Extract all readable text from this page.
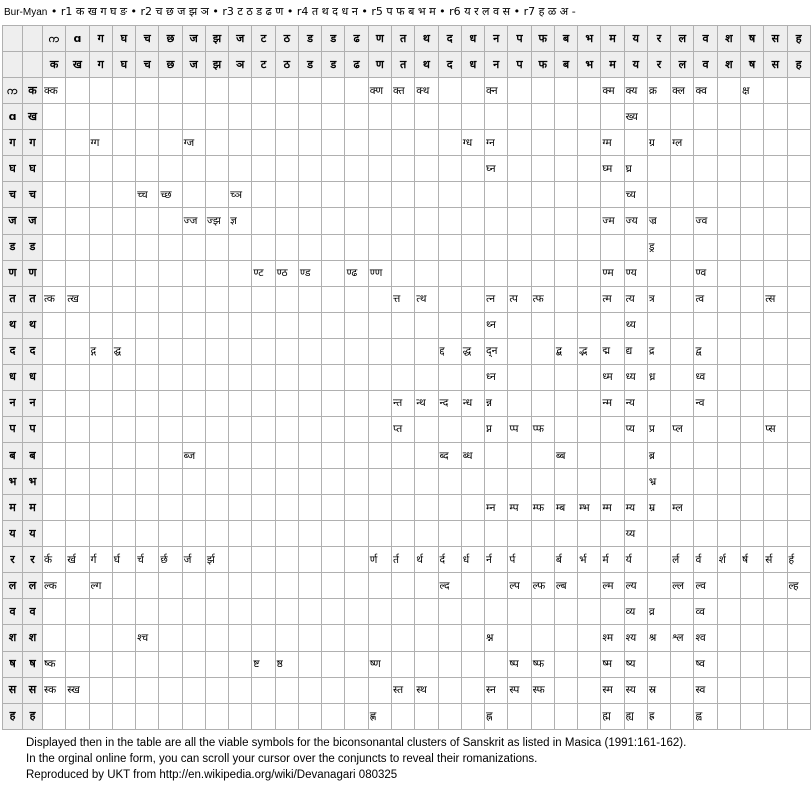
Bur-Myan • r1 क ख ग घ ङ • r2 च छ ज झ ञ • r3 ट ठ ड ढ ण • r4 त थ द ध न • r5 प फ ब भ म • r6 य र ल व स • r7 ह ळ अ -
		က	ɑ	ग	घ	च	छ	ज	झ	ज	ट	ठ	ड	ड	ढ	ण	त	थ	द	ध	न	प	फ	ब	भ	म	य	र	ल	व	श	ष	स	ह
		क	ख	ग	घ	च	छ	ज	झ	ञ	ट	ठ	ड	ड	ढ	ण	त	थ	द	ध	न	प	फ	ब	भ	म	य	र	ल	व	श	ष	स	ह
က	क	क्क														क्ण	क्त	क्थ			क्न					क्म	क्य	क्र	क्ल	क्व		क्ष		
ɑ	ख																										ख्य							
ग	ग			ग्ग				ग्ज												ग्ध	ग्न					ग्म		ग्र	ग्ल					
घ	घ																				घ्न					घ्म	घ्र							
च	च					च्च	च्छ			च्ञ																	च्य							
ज	ज							ज्ज	ज्झ	ज्ञ																ज्म	ज्य	ज्र		ज्व				
ड	ड																											ड्र						
ण	ण										ण्ट	ण्ठ	ण्ड		ण्ढ	ण्ण										ण्म	ण्य			ण्व				
त	त	त्क	त्ख														त्त	त्थ			त्न	त्प	त्फ			त्म	त्य	त्र		त्व			त्स	
थ	थ																				थ्न						थ्य							
द	द			द्ग	द्घ														द्द	द्ध	द्न			द्ब	द्भ	द्म	द्य	द्र		द्व				
ध	ध																				ध्न					ध्म	ध्य	ध्र		ध्व				
न	न																न्त	न्थ	न्द	न्ध	न्न					न्म	न्य			न्व				
प	प																प्त				प्न	प्प	प्फ				प्य	प्र	प्ल				प्स	
ब	ब							ब्ज											ब्द	ब्ध				ब्ब				ब्र						
भ	भ																											भ्र						
म	म																				म्न	म्प	म्फ	म्ब	म्भ	म्म	म्य	म्र	म्ल					
य	य																										य्य							
र	र	र्क	र्ख	र्ग	र्घ	र्च	र्छ	र्ज	र्झ							र्ण	र्त	र्थ	र्द	र्ध	र्न	र्प		र्ब	र्भ	र्म	र्य		र्ल	र्व	र्श	र्ष	र्स	र्ह
ल	ल	ल्क		ल्ग															ल्द			ल्प	ल्फ	ल्ब		ल्म	ल्य		ल्ल	ल्व				ल्ह
व	व																										व्य	व्र		व्व				
श	श					श्च															श्न					श्म	श्य	श्र	श्ल	श्व				
ष	ष	ष्क									ष्ट	ष्ठ				ष्ण						ष्प	ष्फ			ष्म	ष्य			ष्व				
स	स	स्क	स्ख														स्त	स्थ			स्न	स्प	स्फ			स्म	स्य	स्र		स्व				
ह	ह															ह्ण					ह्न					ह्म	ह्य	ह्र		ह्व				
Displayed then in the table are all the viable symbols for the biconsonantal clusters of Sanskrit as listed in Masica (1991:161-162).
In the orginal online form, you can scroll your cursor over the conjuncts to reveal their romanizations.
Reproduced by UKT from http://en.wikipedia.org/wiki/Devanagari 080325
